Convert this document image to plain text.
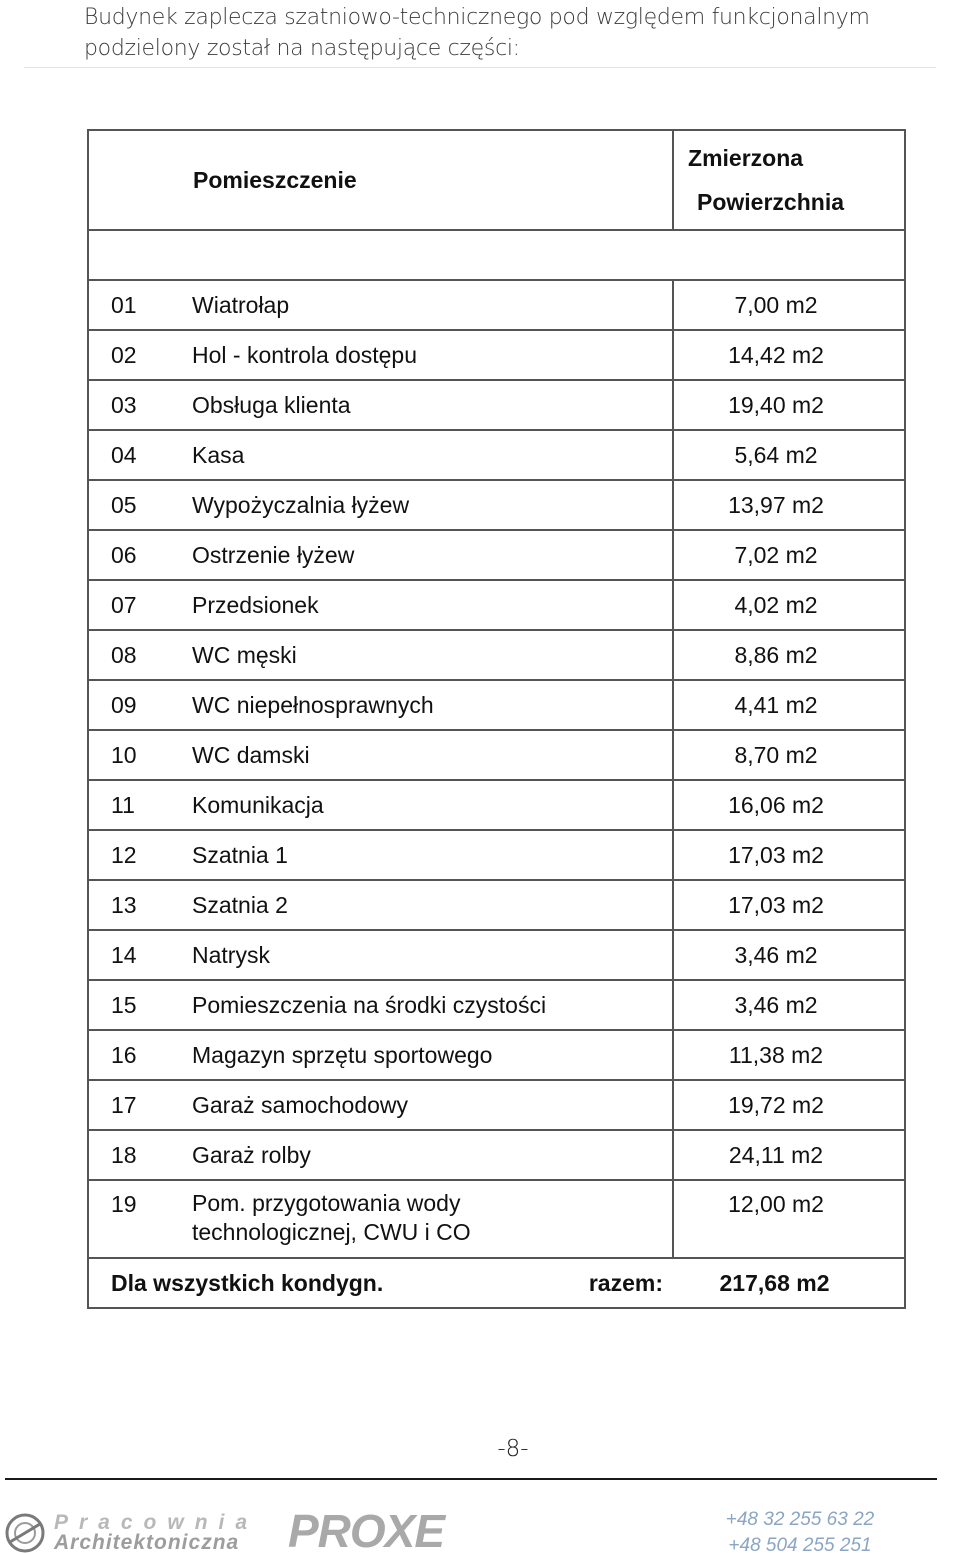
Budynek zaplecza szatniowo-technicznego pod względem funkcjonalnym
podzielony został na następujące części:
Pomieszczenie		Zmierzona
Powierzchnia

01	Wiatrołap	7,00 m2
02	Hol - kontrola dostępu	14,42 m2
03	Obsługa klienta	19,40 m2
04	Kasa	5,64 m2
05	Wypożyczalnia łyżew	13,97 m2
06	Ostrzenie łyżew	7,02 m2
07	Przedsionek	4,02 m2
08	WC męski	8,86 m2
09	WC niepełnosprawnych	4,41 m2
10	WC damski	8,70 m2
11	Komunikacja	16,06 m2
12	Szatnia 1	17,03 m2
13	Szatnia 2	17,03 m2
14	Natrysk	3,46 m2
15	Pomieszczenia na środki czystości	3,46 m2
16	Magazyn sprzętu sportowego	11,38 m2
17	Garaż samochodowy	19,72 m2
18	Garaż rolby	24,11 m2
19	Pom. przygotowania wody
technologicznej, CWU i CO	12,00 m2
Dla wszystkich kondygn.	razem:	217,68 m2
-8-
Pracownia
Architektoniczna PROXE	+48 32 255 63 22
+48 504 255 251
